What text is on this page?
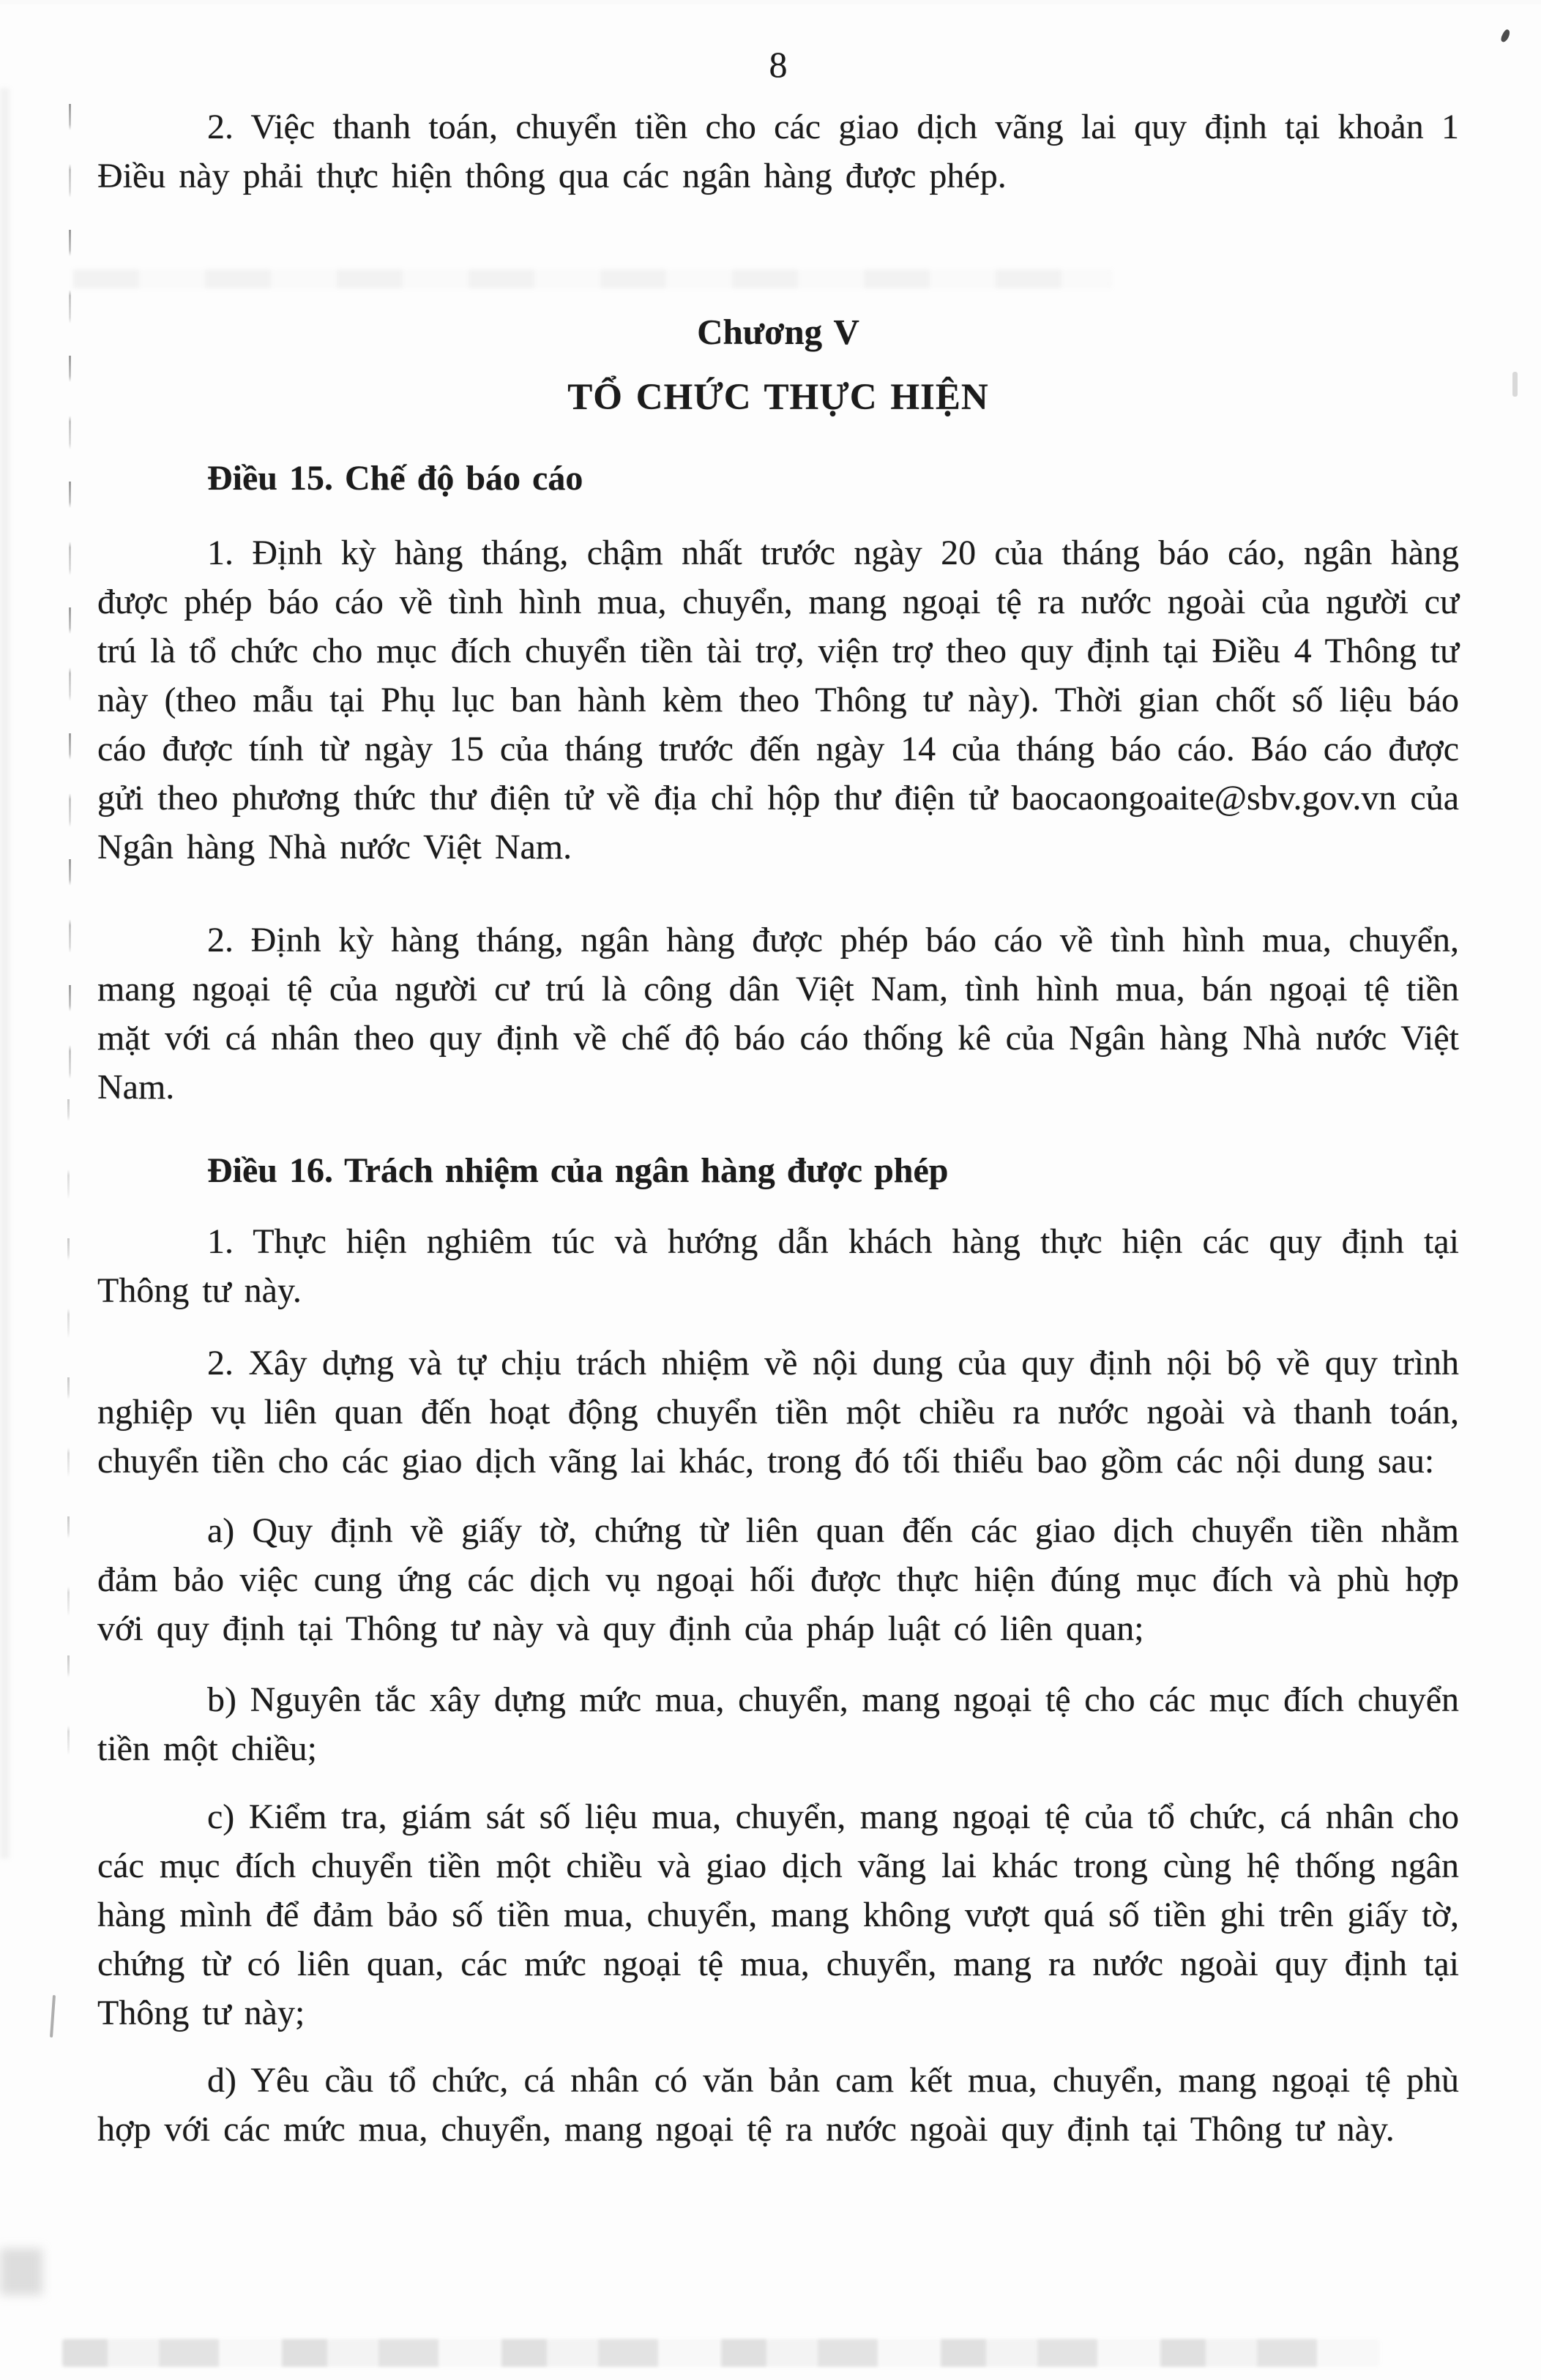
8

2. Việc thanh toán, chuyển tiền cho các giao dịch vãng lai quy định tại khoản 1 Điều này phải thực hiện thông qua các ngân hàng được phép.

Chương V
TỔ CHỨC THỰC HIỆN
Điều 15. Chế độ báo cáo

1. Định kỳ hàng tháng, chậm nhất trước ngày 20 của tháng báo cáo, ngân hàng được phép báo cáo về tình hình mua, chuyển, mang ngoại tệ ra nước ngoài của người cư trú là tổ chức cho mục đích chuyển tiền tài trợ, viện trợ theo quy định tại Điều 4 Thông tư này (theo mẫu tại Phụ lục ban hành kèm theo Thông tư này). Thời gian chốt số liệu báo cáo được tính từ ngày 15 của tháng trước đến ngày 14 của tháng báo cáo. Báo cáo được gửi theo phương thức thư điện tử về địa chỉ hộp thư điện tử baocaongoaite@sbv.gov.vn của Ngân hàng Nhà nước Việt Nam.

2. Định kỳ hàng tháng, ngân hàng được phép báo cáo về tình hình mua, chuyển, mang ngoại tệ của người cư trú là công dân Việt Nam, tình hình mua, bán ngoại tệ tiền mặt với cá nhân theo quy định về chế độ báo cáo thống kê của Ngân hàng Nhà nước Việt Nam.

Điều 16. Trách nhiệm của ngân hàng được phép

1. Thực hiện nghiêm túc và hướng dẫn khách hàng thực hiện các quy định tại Thông tư này.

2. Xây dựng và tự chịu trách nhiệm về nội dung của quy định nội bộ về quy trình nghiệp vụ liên quan đến hoạt động chuyển tiền một chiều ra nước ngoài và thanh toán, chuyển tiền cho các giao dịch vãng lai khác, trong đó tối thiểu bao gồm các nội dung sau:

a) Quy định về giấy tờ, chứng từ liên quan đến các giao dịch chuyển tiền nhằm đảm bảo việc cung ứng các dịch vụ ngoại hối được thực hiện đúng mục đích và phù hợp với quy định tại Thông tư này và quy định của pháp luật có liên quan;

b) Nguyên tắc xây dựng mức mua, chuyển, mang ngoại tệ cho các mục đích chuyển tiền một chiều;

c) Kiểm tra, giám sát số liệu mua, chuyển, mang ngoại tệ của tổ chức, cá nhân cho các mục đích chuyển tiền một chiều và giao dịch vãng lai khác trong cùng hệ thống ngân hàng mình để đảm bảo số tiền mua, chuyển, mang không vượt quá số tiền ghi trên giấy tờ, chứng từ có liên quan, các mức ngoại tệ mua, chuyển, mang ra nước ngoài quy định tại Thông tư này;

d) Yêu cầu tổ chức, cá nhân có văn bản cam kết mua, chuyển, mang ngoại tệ phù hợp với các mức mua, chuyển, mang ngoại tệ ra nước ngoài quy định tại Thông tư này.
